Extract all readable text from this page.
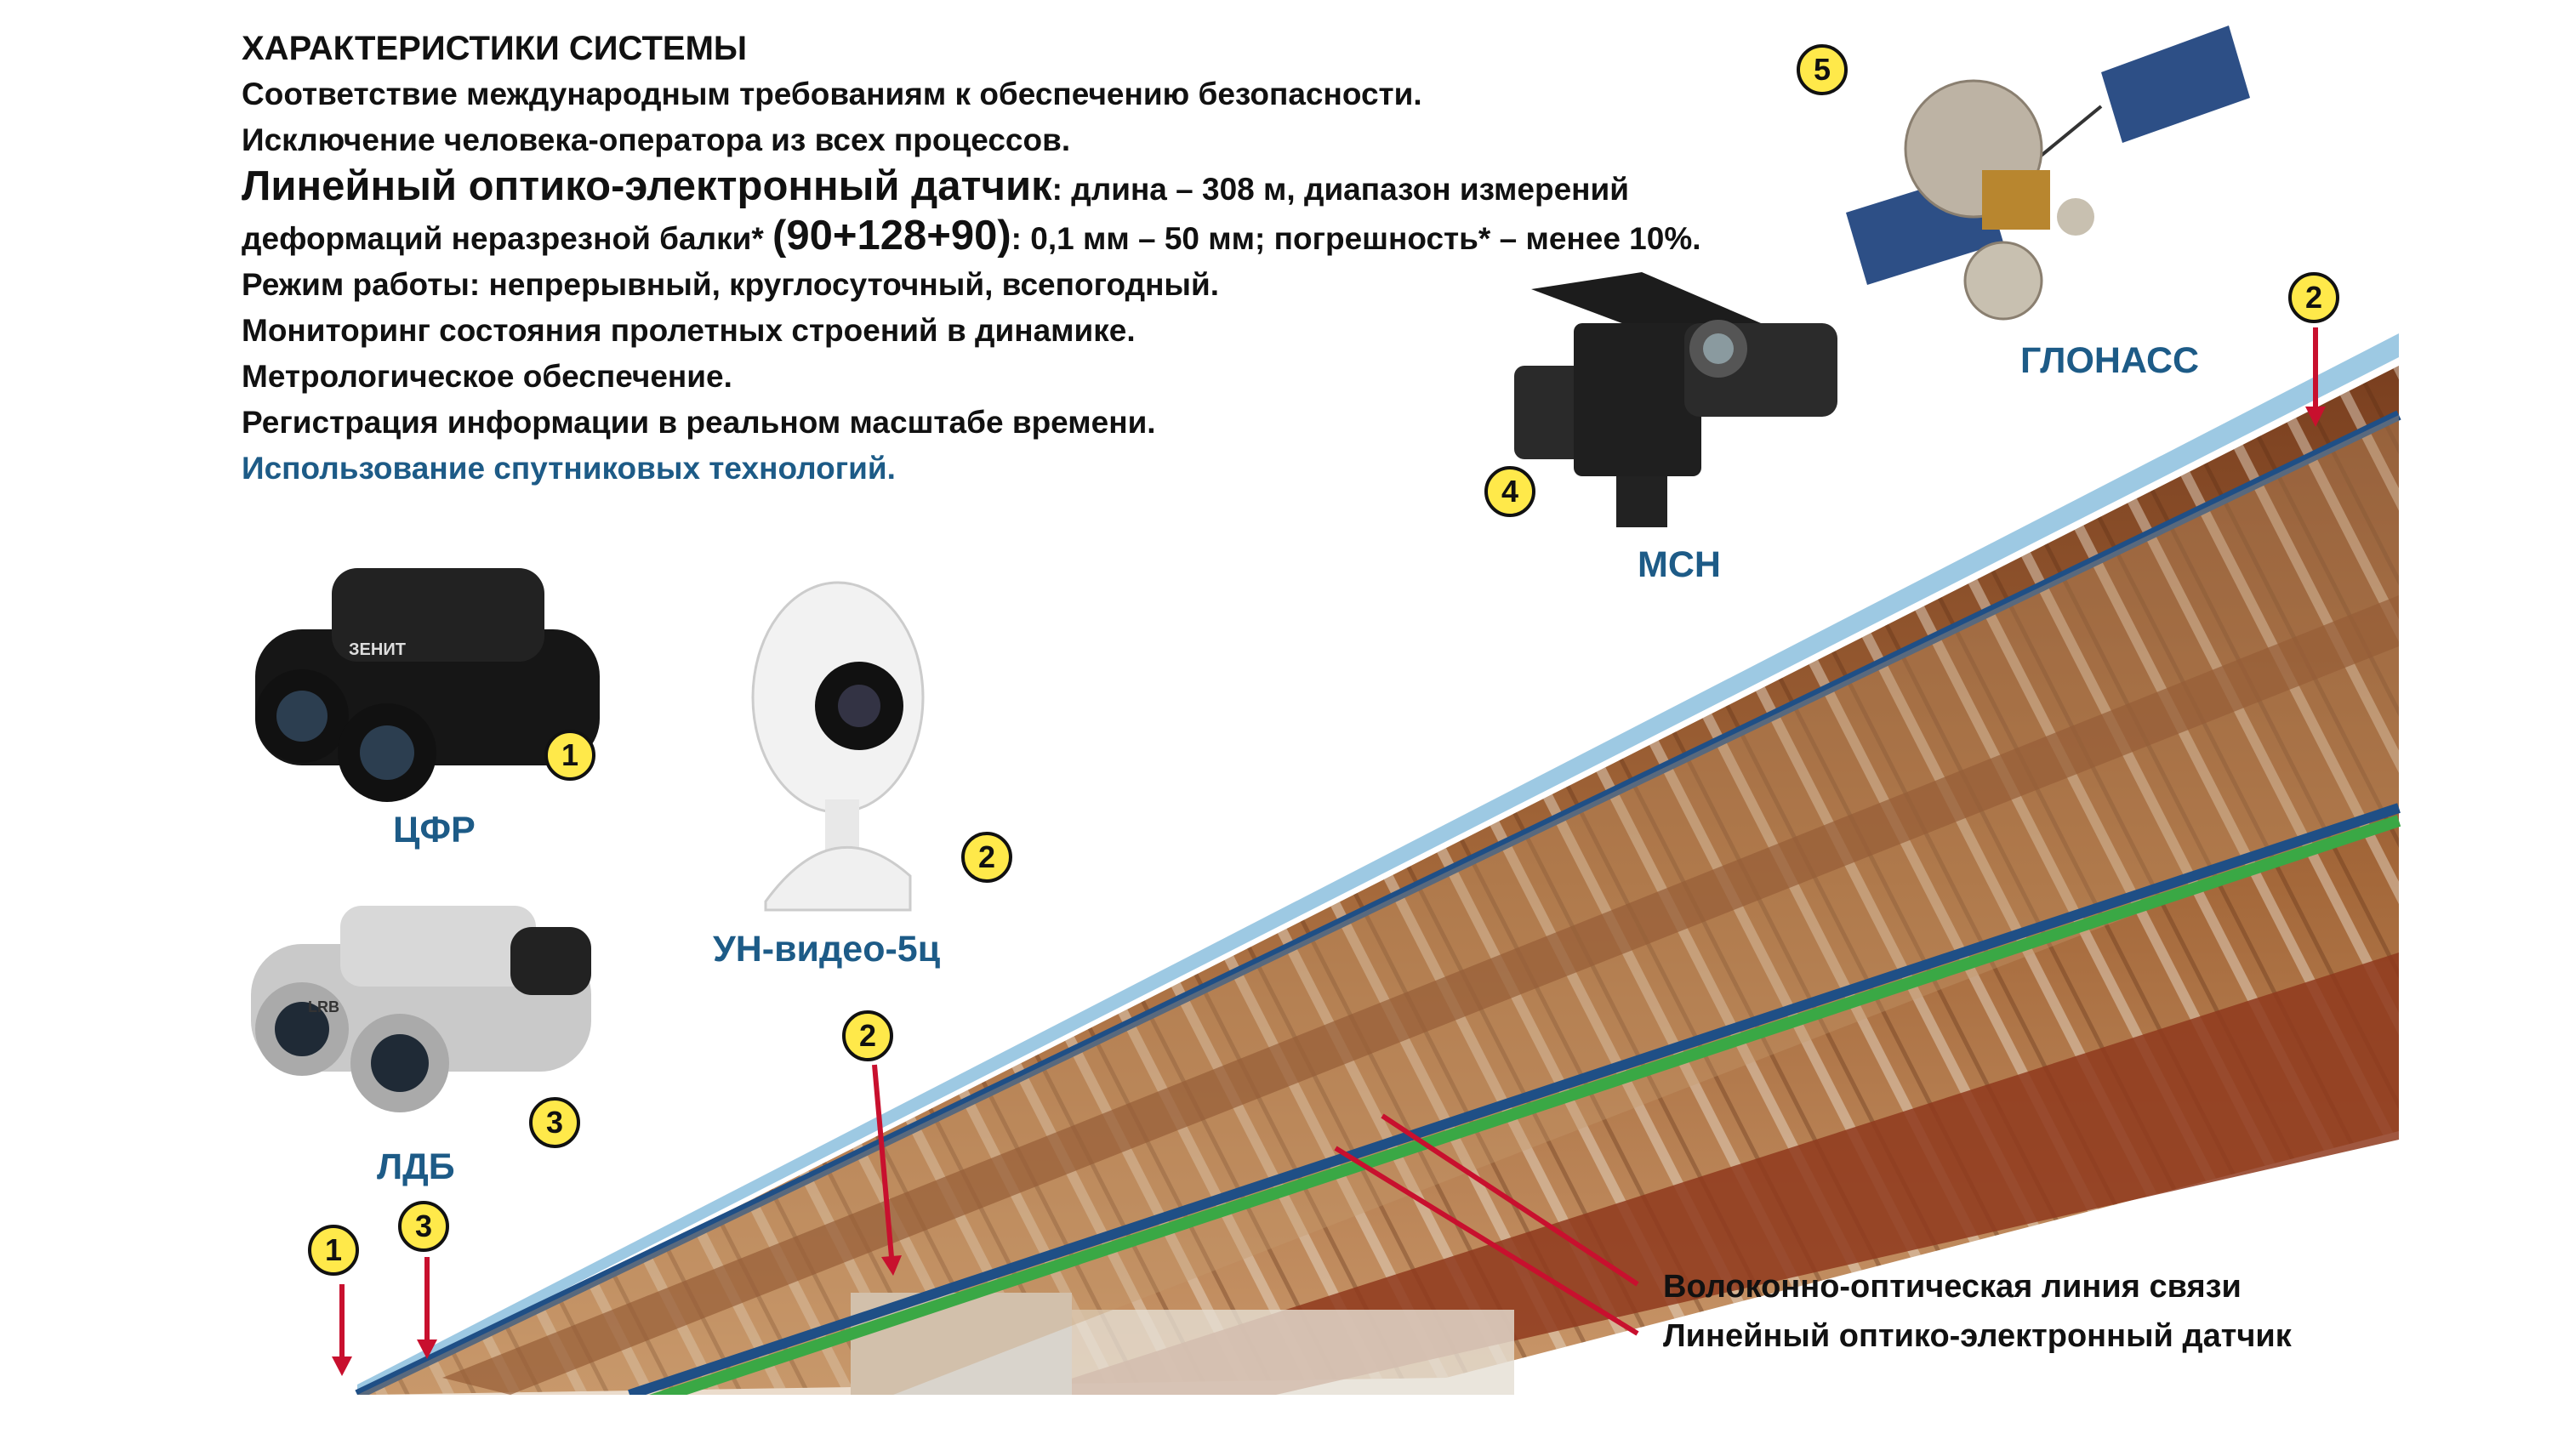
ЗЕНИТ
LRB
ХАРАКТЕРИСТИКИ СИСТЕМЫ
Соответствие международным требованиям к обеспечению безопасности.
Исключение человека-оператора из всех процессов.
Линейный оптико-электронный датчик: длина – 308 м, диапазон измерений
деформаций неразрезной балки* (90+128+90): 0,1 мм – 50 мм; погрешность* – менее 10%.
Режим работы: непрерывный, круглосуточный, всепогодный.
Мониторинг состояния пролетных строений в динамике.
Метрологическое обеспечение.
Регистрация информации в реальном масштабе времени.
Использование спутниковых технологий.
ЦФР
УН-видео-5ц
ЛДБ
МСН
ГЛОНАСС
1
2
3
4
5
1
3
2
2
Волоконно-оптическая линия связи
Линейный оптико-электронный датчик
